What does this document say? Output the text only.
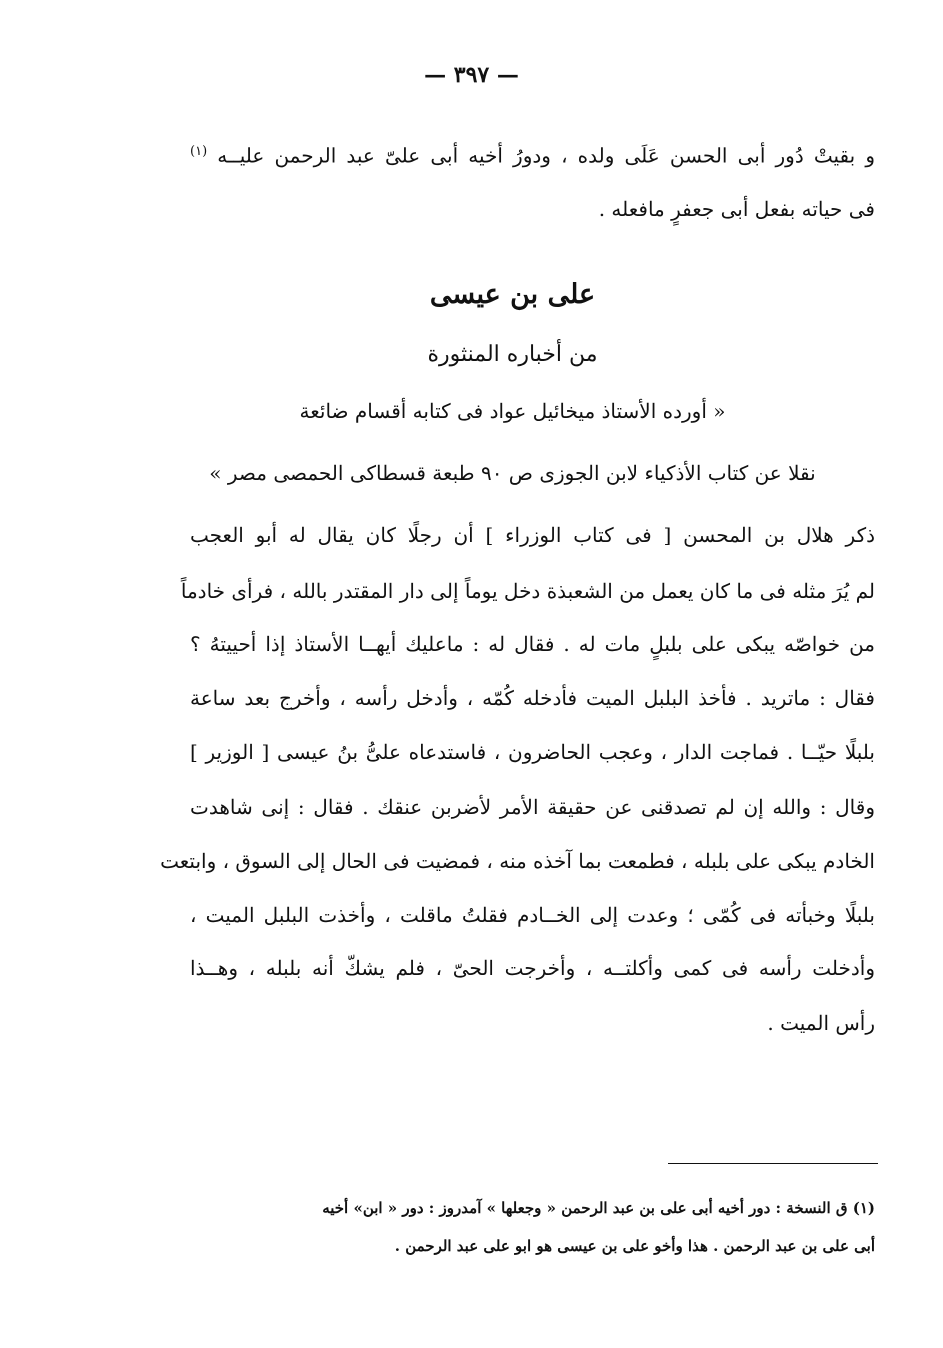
— ٣٩٧ —
و بقيتْ دُور أبى الحسن عَلَى ولده ، ودورُ أخيه أبى علىّ عبد الرحمن عليــه $^{(١)}$
فى حياته بفعل أبى جعفرٍ مافعله .
على بن عيسى
من أخباره المنثورة
« أورده الأستاذ ميخائيل عواد فى كتابه أقسام ضائعة
نقلا عن كتاب الأذكياء لابن الجوزى ص ٩٠ طبعة قسطاكى الحمصى مصر »
ذكر هلال بن المحسن [ فى كتاب الوزراء ] أن رجلًا كان يقال له أبو العجب
لم يُرَ مثله فى ما كان يعمل من الشعبذة دخل يوماً إلى دار المقتدر بالله ، فرأى خادماً
من خواصّه يبكى على بلبلٍ مات له . فقال له : ماعليك أيهــا الأستاذ إذا أحييتهُ ؟
فقال : ماتريد . فأخذ البلبل الميت فأدخله كُمّه ، وأدخل رأسه ، وأخرج بعد ساعة
بلبلًا حيّــا . فماجت الدار ، وعجب الحاضرون ، فاستدعاه علىُّ بنُ عيسى [ الوزير ]
وقال : والله إن لم تصدقنى عن حقيقة الأمر لأضربن عنقك . فقال : إنى شاهدت
الخادم يبكى على بلبله ، فطمعت بما آخذه منه ، فمضيت فى الحال إلى السوق ، وابتعت
بلبلًا وخبأته فى كُمّى ؛ وعدت إلى الخــادم فقلتُ ماقلت ، وأخذت البلبل الميت ،
وأدخلت رأسه فى كمى وأكلتــه ، وأخرجت الحىّ ، فلم يشكّ أنه بلبله ، وهــذا
رأس الميت .
(١) ق النسخة : دور أخيه أبى على بن عبد الرحمن « وجعلها » آمدروز : دور « ابن» أخيه
أبى على بن عبد الرحمن . هذا وأخو على بن عيسى هو ابو على عبد الرحمن .
